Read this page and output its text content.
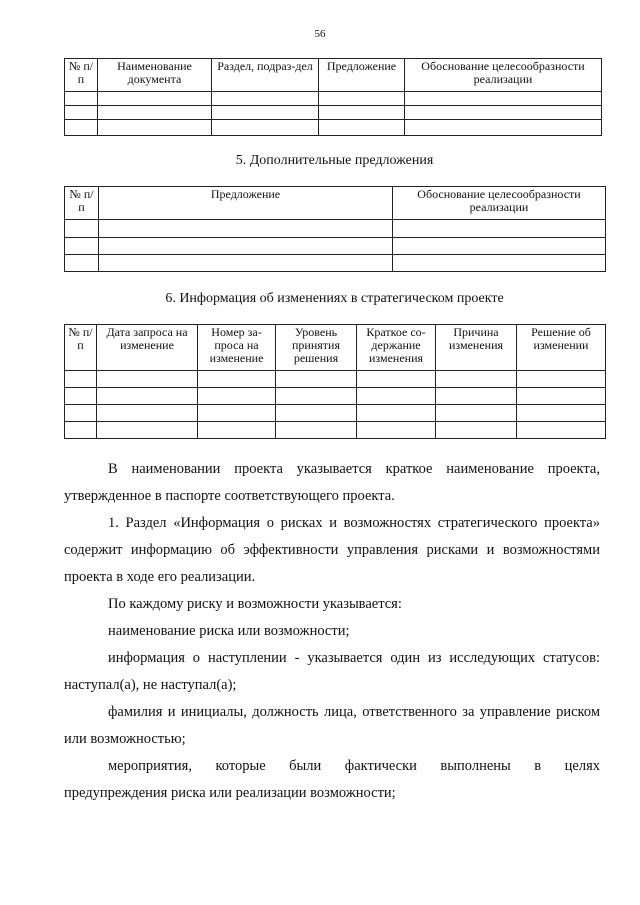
56
№ п/п	Наименование документа	Раздел, подраз-дел	Предложение	Обоснование целесообразности реализации

5. Дополнительные предложения
№ п/п	Предложение	Обоснование целесообразности реализации

6. Информация об изменениях в стратегическом проекте
№ п/п	Дата запроса на изменение	Номер за-проса на изменение	Уровень принятия решения	Краткое со-держание изменения	Причина изменения	Решение об изменении

В наименовании проекта указывается краткое наименование проекта, утвержденное в паспорте соответствующего проекта.

1. Раздел «Информация о рисках и возможностях стратегического проекта» содержит информацию об эффективности управления рисками и возможностями проекта в ходе его реализации.

По каждому риску и возможности указывается:

наименование риска или возможности;

информация о наступлении - указывается один из исследующих статусов: наступал(а), не наступал(а);

фамилия и инициалы, должность лица, ответственного за управление риском или возможностью;

мероприятия, которые были фактически выполнены в целях

предупреждения риска или реализации возможности;
